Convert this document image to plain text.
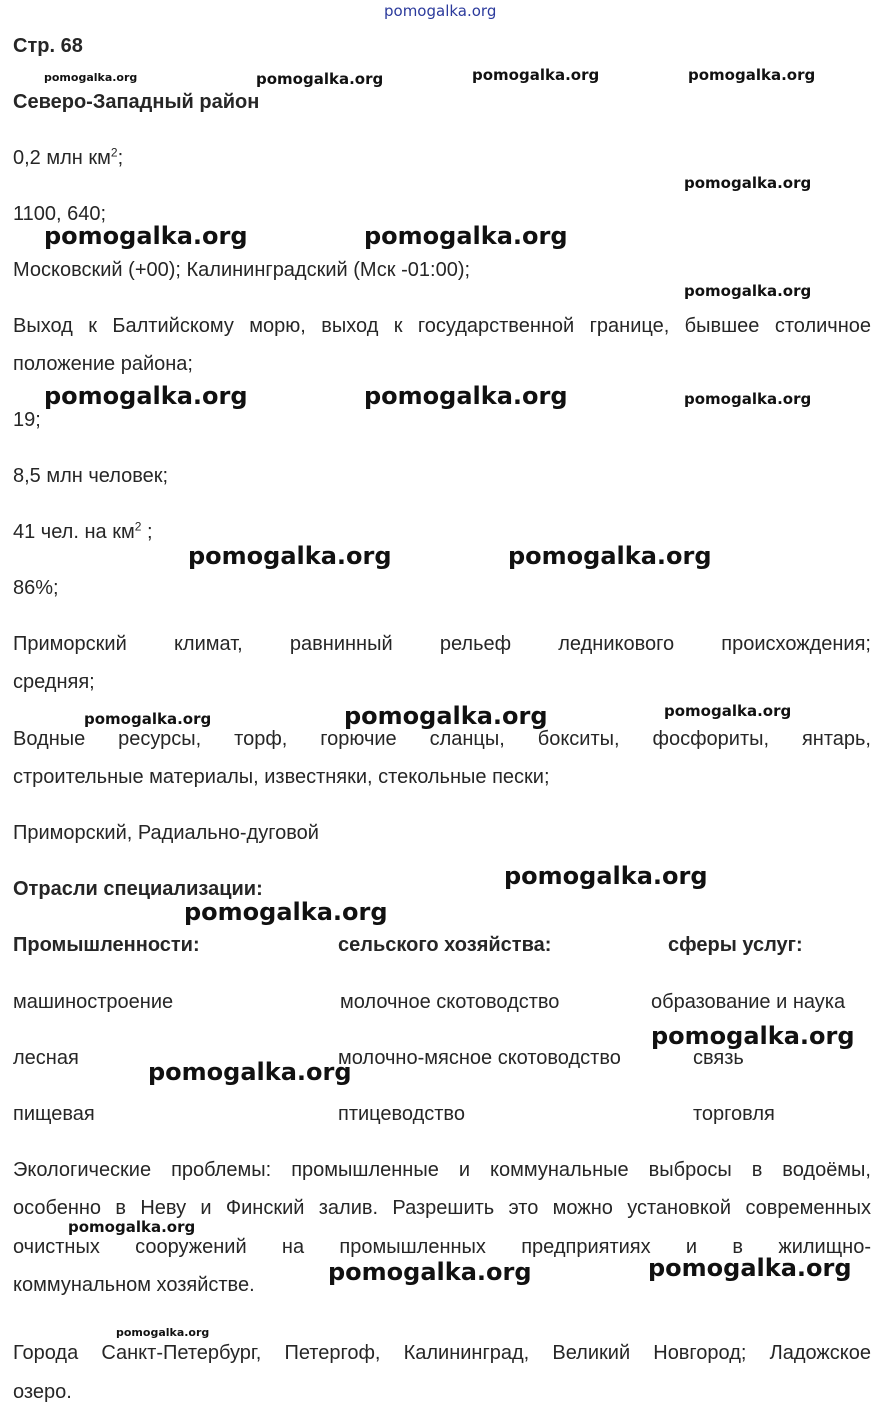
pomogalka.org
Стр. 68
Северо-Западный район
0,2 млн $км^2$;
1100, 640;
Московский (+00); Калининградский (Мск -01:00);
Выход к Балтийскому морю, выход к государственной границе, бывшее столичное
положение района;
19;
8,5 млн человек;
41 чел. на $км^2$ ;
86%;
Приморский климат, равнинный рельеф ледникового происхождения;
средняя;
Водные ресурсы, торф, горючие сланцы, бокситы, фосфориты, янтарь,
строительные материалы, известняки, стекольные пески;
Приморский, Радиально-дуговой
Отрасли специализации:
Промышленности:	сельского хозяйства:	сферы услуг:
машиностроение	молочное скотоводство	образование и наука
лесная	молочно-мясное скотоводство	связь
пищевая	птицеводство	торговля
Экологические проблемы: промышленные и коммунальные выбросы в водоёмы,
особенно в Неву и Финский залив. Разрешить это можно установкой современных
очистных сооружений на промышленных предприятиях и в жилищно-
коммунальном хозяйстве.
Города Санкт-Петербург, Петергоф, Калининград, Великий Новгород; Ладожское
озеро.
pomogalka.org	pomogalka.org	pomogalka.org	pomogalka.org
pomogalka.org
pomogalka.org	pomogalka.org
pomogalka.org
pomogalka.org	pomogalka.org	pomogalka.org
pomogalka.org	pomogalka.org
pomogalka.org	pomogalka.org	pomogalka.org
pomogalka.org
pomogalka.org
pomogalka.org
pomogalka.org
pomogalka.org
pomogalka.org	pomogalka.org
pomogalka.org
